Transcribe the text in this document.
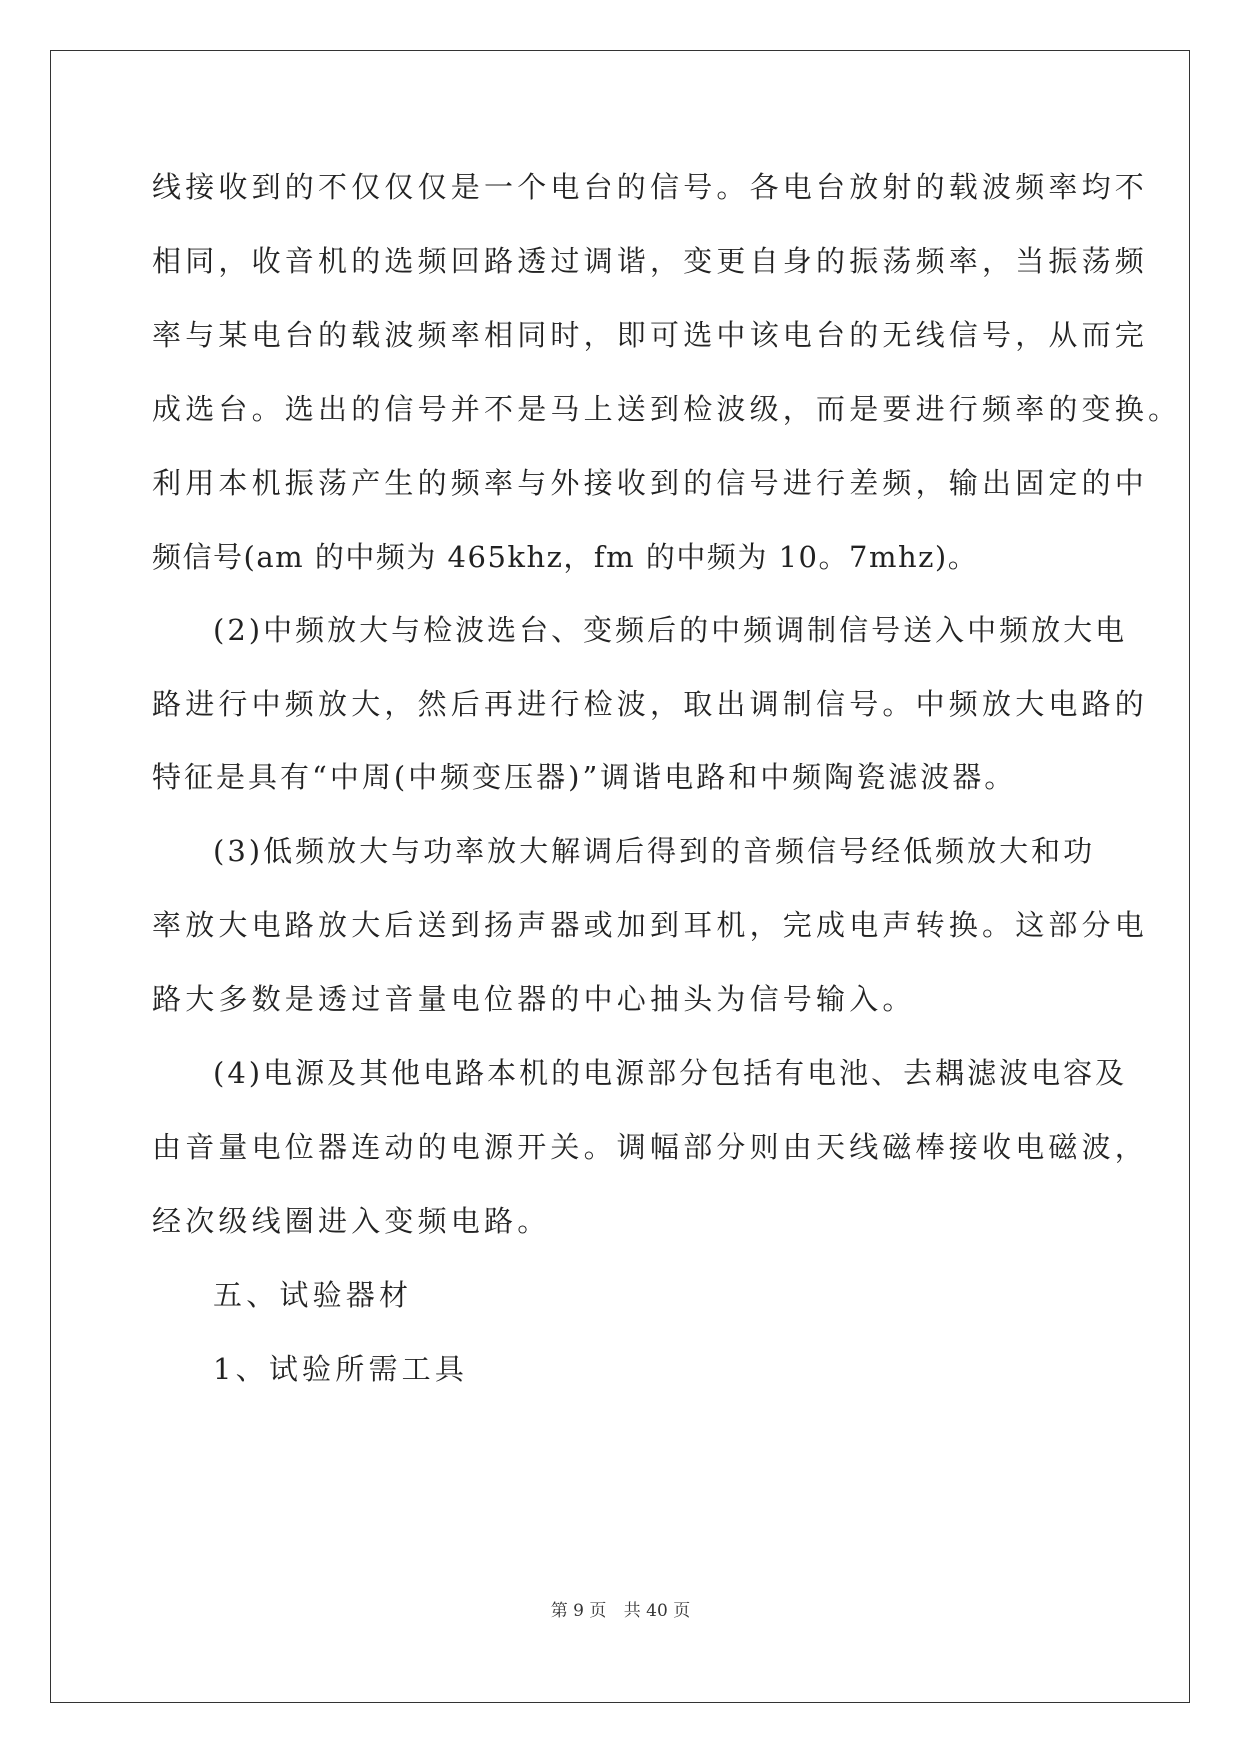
线接收到的不仅仅仅是一个电台的信号。各电台放射的载波频率均不
相同，收音机的选频回路透过调谐，变更自身的振荡频率，当振荡频
率与某电台的载波频率相同时，即可选中该电台的无线信号，从而完
成选台。选出的信号并不是马上送到检波级，而是要进行频率的变换。
利用本机振荡产生的频率与外接收到的信号进行差频，输出固定的中
频信号(am 的中频为 465khz，fm 的中频为 10。7mhz)。
(2)中频放大与检波选台、变频后的中频调制信号送入中频放大电
路进行中频放大，然后再进行检波，取出调制信号。中频放大电路的
特征是具有“中周(中频变压器)”调谐电路和中频陶瓷滤波器。
(3)低频放大与功率放大解调后得到的音频信号经低频放大和功
率放大电路放大后送到扬声器或加到耳机，完成电声转换。这部分电
路大多数是透过音量电位器的中心抽头为信号输入。
(4)电源及其他电路本机的电源部分包括有电池、去耦滤波电容及
由音量电位器连动的电源开关。调幅部分则由天线磁棒接收电磁波，
经次级线圈进入变频电路。
五、试验器材
1、试验所需工具
第 9 页 共 40 页
